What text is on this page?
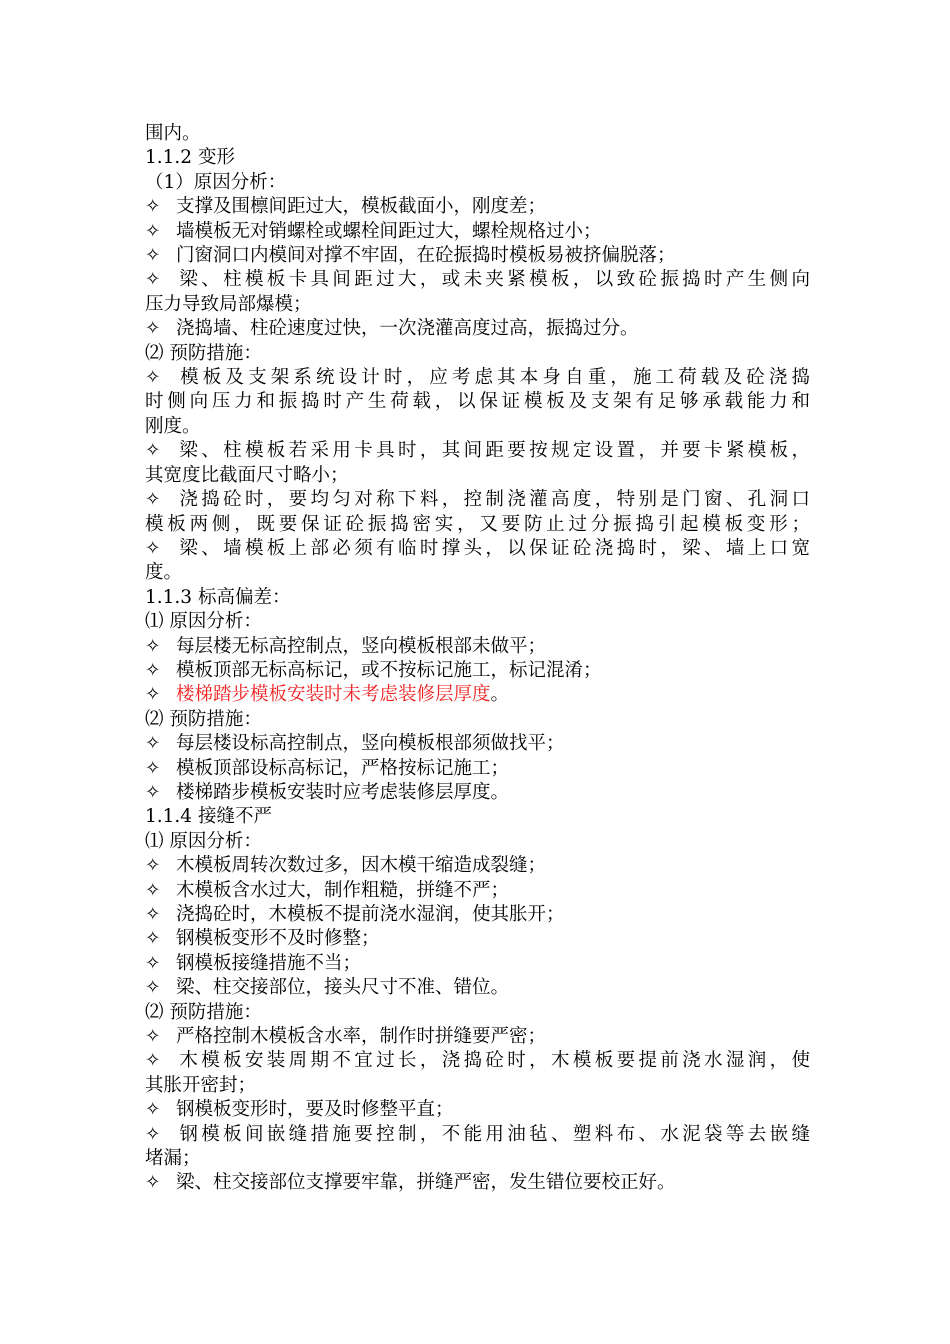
围内。
1.1.2 变形
（1）原因分析：
✧ 支撑及围檩间距过大，模板截面小，刚度差；
✧ 墙模板无对销螺栓或螺栓间距过大，螺栓规格过小；
✧ 门窗洞口内模间对撑不牢固，在砼振捣时模板易被挤偏脱落；
✧ 梁、柱模板卡具间距过大，或未夹紧模板，以致砼振捣时产生侧向
压力导致局部爆模；
✧ 浇捣墙、柱砼速度过快，一次浇灌高度过高，振捣过分。
⑵ 预防措施：
✧ 模板及支架系统设计时，应考虑其本身自重，施工荷载及砼浇捣
时侧向压力和振捣时产生荷载，以保证模板及支架有足够承载能力和
刚度。
✧ 梁、柱模板若采用卡具时，其间距要按规定设置，并要卡紧模板，
其宽度比截面尺寸略小；
✧ 浇捣砼时，要均匀对称下料，控制浇灌高度，特别是门窗、孔洞口
模板两侧，既要保证砼振捣密实，又要防止过分振捣引起模板变形；
✧ 梁、墙模板上部必须有临时撑头，以保证砼浇捣时，梁、墙上口宽
度。
1.1.3 标高偏差：
⑴ 原因分析：
✧ 每层楼无标高控制点，竖向模板根部未做平；
✧ 模板顶部无标高标记，或不按标记施工，标记混淆；
✧ 楼梯踏步模板安装时未考虑装修层厚度。
⑵ 预防措施：
✧ 每层楼设标高控制点，竖向模板根部须做找平；
✧ 模板顶部设标高标记，严格按标记施工；
✧ 楼梯踏步模板安装时应考虑装修层厚度。
1.1.4 接缝不严
⑴ 原因分析：
✧ 木模板周转次数过多，因木模干缩造成裂缝；
✧ 木模板含水过大，制作粗糙，拼缝不严；
✧ 浇捣砼时，木模板不提前浇水湿润，使其胀开；
✧ 钢模板变形不及时修整；
✧ 钢模板接缝措施不当；
✧ 梁、柱交接部位，接头尺寸不准、错位。
⑵ 预防措施：
✧ 严格控制木模板含水率，制作时拼缝要严密；
✧ 木模板安装周期不宜过长，浇捣砼时，木模板要提前浇水湿润，使
其胀开密封；
✧ 钢模板变形时，要及时修整平直；
✧ 钢模板间嵌缝措施要控制，不能用油毡、塑料布、水泥袋等去嵌缝
堵漏；
✧ 梁、柱交接部位支撑要牢靠，拼缝严密，发生错位要校正好。
